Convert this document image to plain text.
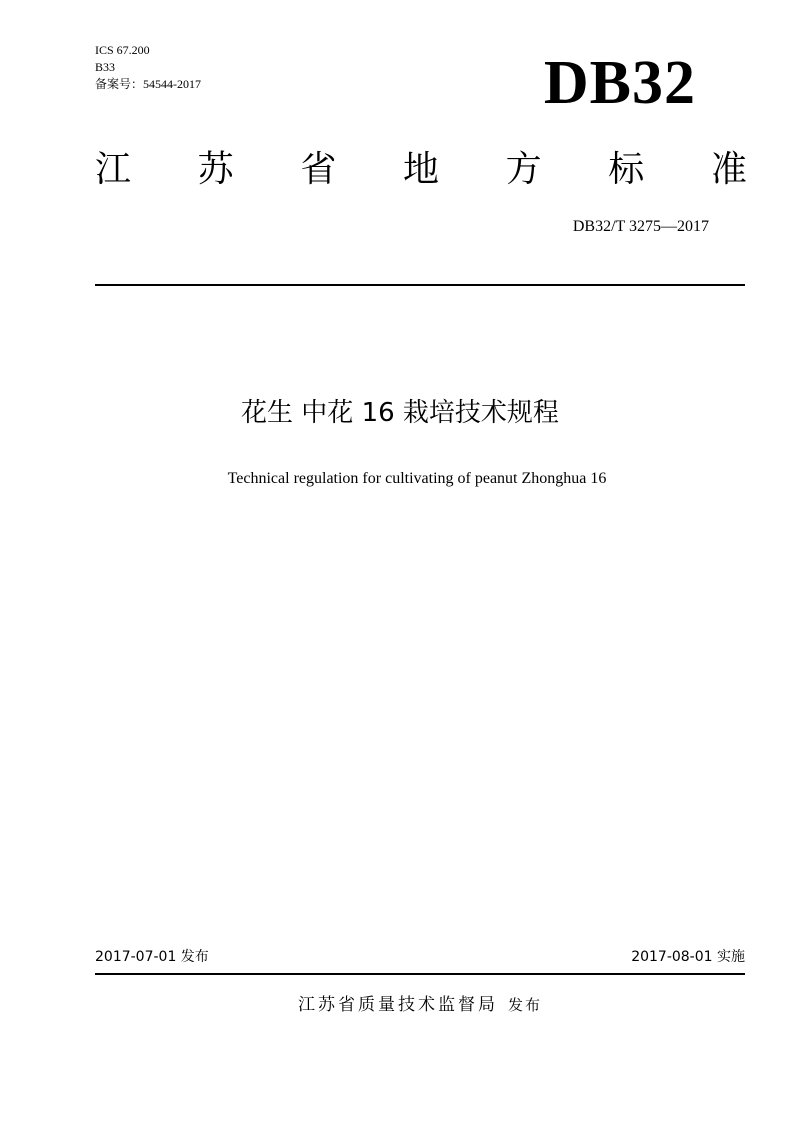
ICS 67.200
B33
备案号：54544-2017	DB32
江 苏 省 地 方 标 准
DB32/T 3275—2017
花生 中花 16 栽培技术规程
Technical regulation for cultivating of peanut Zhonghua 16
2017-07-01 发布	2017-08-01 实施
江苏省质量技术监督局 发布
